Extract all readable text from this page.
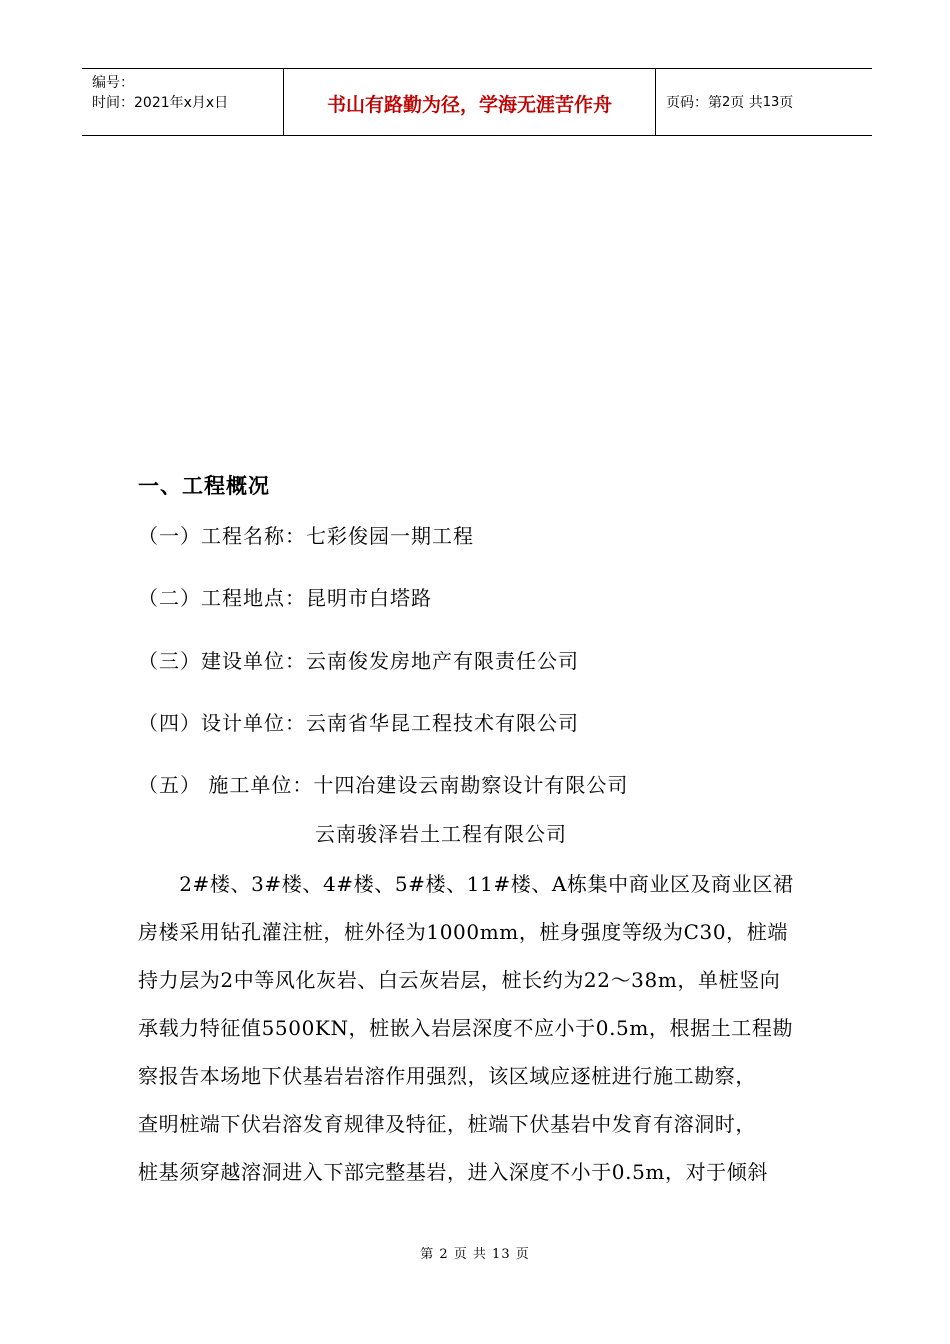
编号：
时间：2021年x月x日	书山有路勤为径，学海无涯苦作舟	页码：第 2 页 共 13 页
一、工程概况
（一）工程名称：七彩俊园一期工程
（二）工程地点：昆明市白塔路
（三）建设单位：云南俊发房地产有限责任公司
（四）设计单位：云南省华昆工程技术有限公司
（五） 施工单位：十四冶建设云南勘察设计有限公司
云南骏泽岩土工程有限公司
　　2#楼、3#楼、4#楼、5#楼、11#楼、A栋集中商业区及商业区裙
房楼采用钻孔灌注桩，桩外径为1000mm，桩身强度等级为C30，桩端
持力层为2中等风化灰岩、白云灰岩层，桩长约为22～38m，单桩竖向
承载力特征值5500KN，桩嵌入岩层深度不应小于0.5m，根据土工程勘
察报告本场地下伏基岩岩溶作用强烈，该区域应逐桩进行施工勘察，
查明桩端下伏岩溶发育规律及特征，桩端下伏基岩中发育有溶洞时，
桩基须穿越溶洞进入下部完整基岩，进入深度不小于0.5m，对于倾斜
第 2 页 共 13 页
